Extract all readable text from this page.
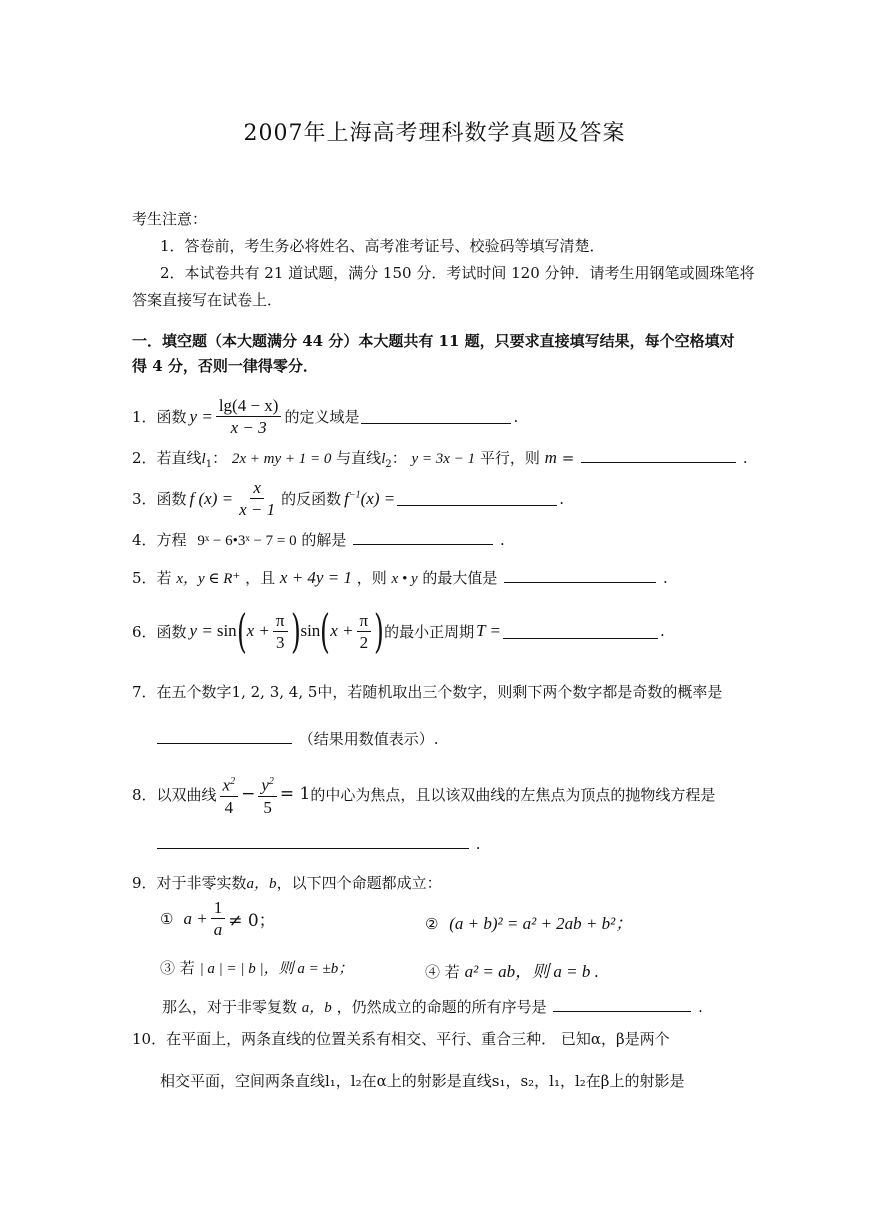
2007年上海高考理科数学真题及答案
考生注意：
1．答卷前，考生务必将姓名、高考准考证号、校验码等填写清楚．
2．本试卷共有 21 道试题，满分 150 分．考试时间 120 分钟．请考生用钢笔或圆珠笔将
答案直接写在试卷上．
一．填空题（本大题满分 44 分）本大题共有 11 题，只要求直接填写结果，每个空格填对
得 4 分，否则一律得零分．
1．函数 $y = \frac{\lg(4 - x)}{x - 3}$ 的定义域是	.
2．若直线$l_1$： 2x + my + 1 = 0 与直线$l_2$： y = 3x − 1 平行，则 m =	.
3．函数 f $(x) = \frac{x}{x - 1}$ 的反函数 $f^{-1}(x)$ =	.
4．方程 9ˣ − 6•3ˣ − 7 = 0 的解是	.
5．若 x，y ∈ R⁺ ，且 x + 4y = 1 ，则 x • y 的最大值是	.
6．函数 y = sin ( $x + \frac{\pi}{3}$ ) sin ( $x + \frac{\pi}{2}$ ) 的最小正周期 T =	.
7．在五个数字1, 2, 3, 4, 5中，若随机取出三个数字，则剩下两个数字都是奇数的概率是
（结果用数值表示）.
8．以双曲线 $\frac{x^2}{4} - \frac{y^2}{5} = 1$ 的中心为焦点，且以该双曲线的左焦点为顶点的抛物线方程是
.
9．对于非零实数a，b，以下四个命题都成立：
① $a + \frac{1}{a} \ne 0$；	② (a + b)² = a² + 2ab + b²；
③ 若 | a | = | b |，则 a = ±b；	④ 若 a² = ab，则 a = b .
那么，对于非零复数 a，b ，仍然成立的命题的所有序号是	.
10．在平面上，两条直线的位置关系有相交、平行、重合三种． 已知α，β是两个
相交平面，空间两条直线l₁，l₂在α上的射影是直线s₁，s₂，l₁，l₂在β上的射影是
